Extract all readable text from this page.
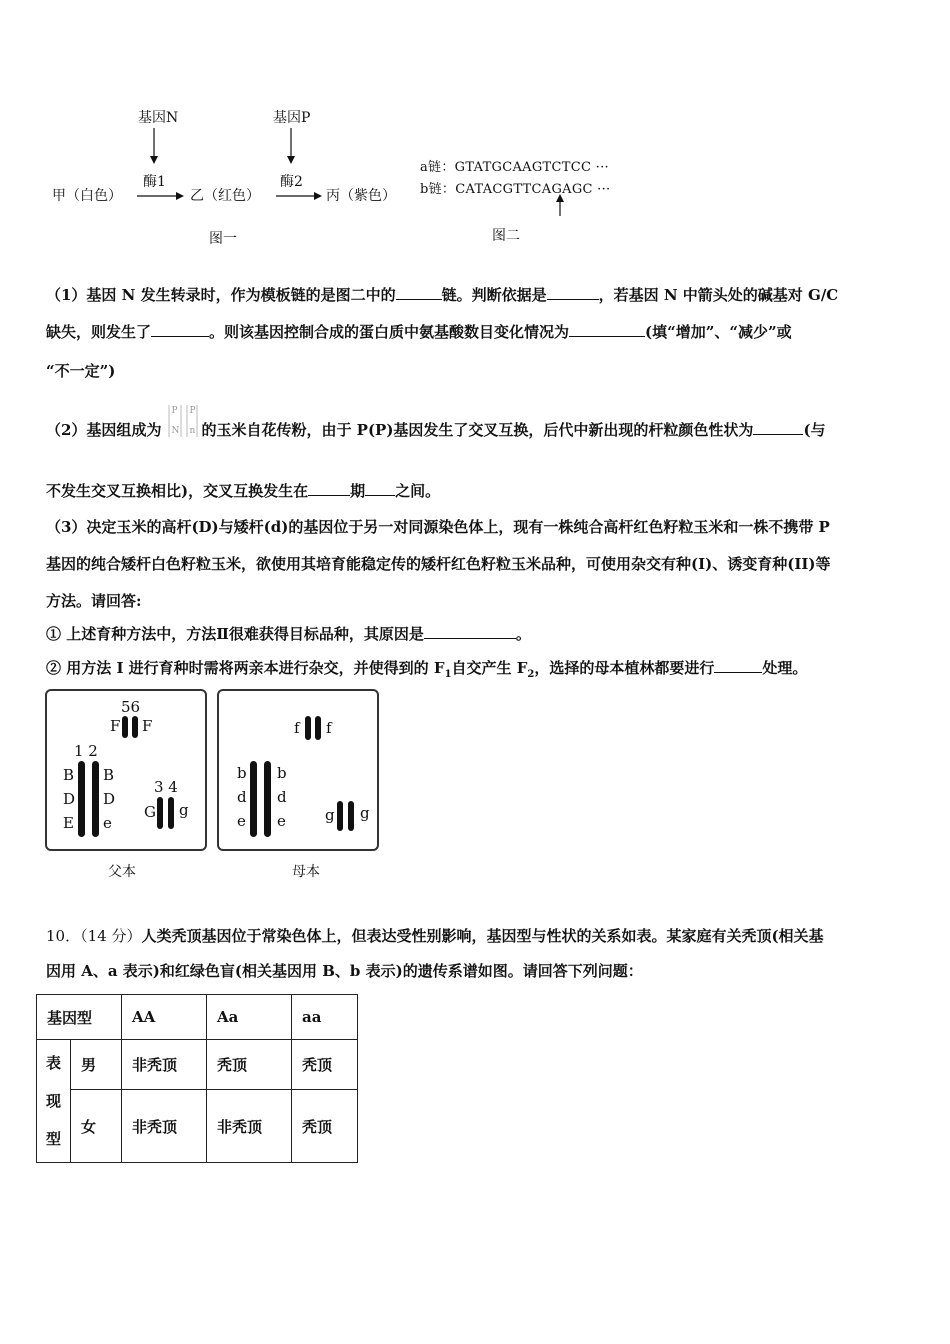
基因N	基因P
酶1	酶2
甲（白色）	乙（红色）	丙（紫色）
图一
a链：GTATGCAAGTCTCC ···
b链：CATACGTTCAGAGC ···
图二
（1）基因 N 发生转录时，作为模板链的是图二中的	链。判断依据是	，若基因 N 中箭头处的碱基对 G/C
缺失，则发生了	。则该基因控制合成的蛋白质中氨基酸数目变化情况为	(填“增加”、“减少”或
“不一定”)
（2）基因组成为
P
N
P
n 的玉米自花传粉，由于 P(P)基因发生了交叉互换，后代中新出现的杆粒颜色性状为	(与
不发生交叉互换相比)，交叉互换发生在	期 之间。
（3）决定玉米的高杆(D)与矮杆(d)的基因位于另一对同源染色体上，现有一株纯合高杆红色籽粒玉米和一株不携带 P
基因的纯合矮杆白色籽粒玉米，欲使用其培育能稳定传的矮杆红色籽粒玉米品种，可使用杂交有种(I)、诱变育种(II)等
方法。请回答:
① 上述育种方法中，方法Ⅱ很难获得目标品种，其原因是	。
② 用方法 I 进行育种时需将两亲本进行杂交，并使得到的 $F_1$自交产生 $F_2$，选择的母本植林都要进行	处理。
56
F F
1 2
B
D
E
B
D
e
3 4
G g
父本
f f
b
d
e
b
d
e	g g
母本
10．（14 分）人类秃顶基因位于常染色体上，但表达受性别影响，基因型与性状的关系如表。某家庭有关秃顶(相关基
因用 A、a 表示)和红绿色盲(相关基因用 B、b 表示)的遗传系谱如图。请回答下列问题：
基因型		AA	Aa	aa
表
现
型	男	非秃顶	秃顶	秃顶
	女	非秃顶	非秃顶	秃顶
